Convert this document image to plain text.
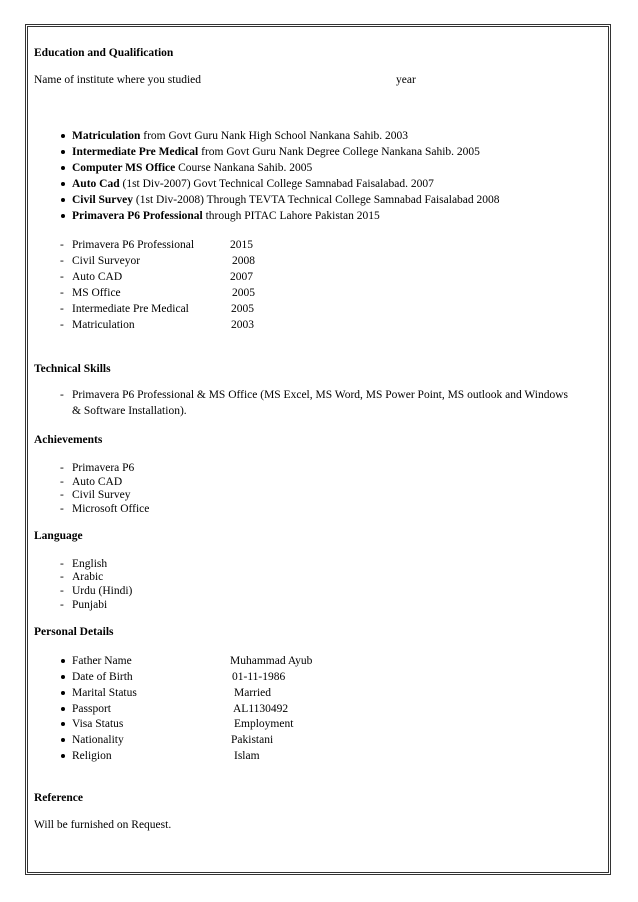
Education and Qualification
Name of institute where you studied	year
Matriculation from Govt Guru Nank High School Nankana Sahib. 2003
Intermediate Pre Medical from Govt Guru Nank Degree College Nankana Sahib. 2005
Computer MS Office Course Nankana Sahib. 2005
Auto Cad (1st Div-2007) Govt Technical College Samnabad Faisalabad. 2007
Civil Survey (1st Div-2008) Through TEVTA Technical College Samnabad Faisalabad 2008
Primavera P6 Professional through PITAC Lahore Pakistan 2015
- Primavera P6 Professional	2015
- Civil Surveyor	2008
- Auto CAD	2007
- MS Office	2005
- Intermediate Pre Medical	2005
- Matriculation	2003
Technical Skills
- Primavera P6 Professional & MS Office (MS Excel, MS Word, MS Power Point, MS outlook and Windows
& Software Installation).
Achievements
- Primavera P6
- Auto CAD
- Civil Survey
- Microsoft Office
Language
- English
- Arabic
- Urdu (Hindi)
- Punjabi
Personal Details
Father Name	Muhammad Ayub
Date of Birth	01-11-1986
Marital Status	Married
Passport	AL1130492
Visa Status	Employment
Nationality	Pakistani
Religion	Islam
Reference
Will be furnished on Request.
